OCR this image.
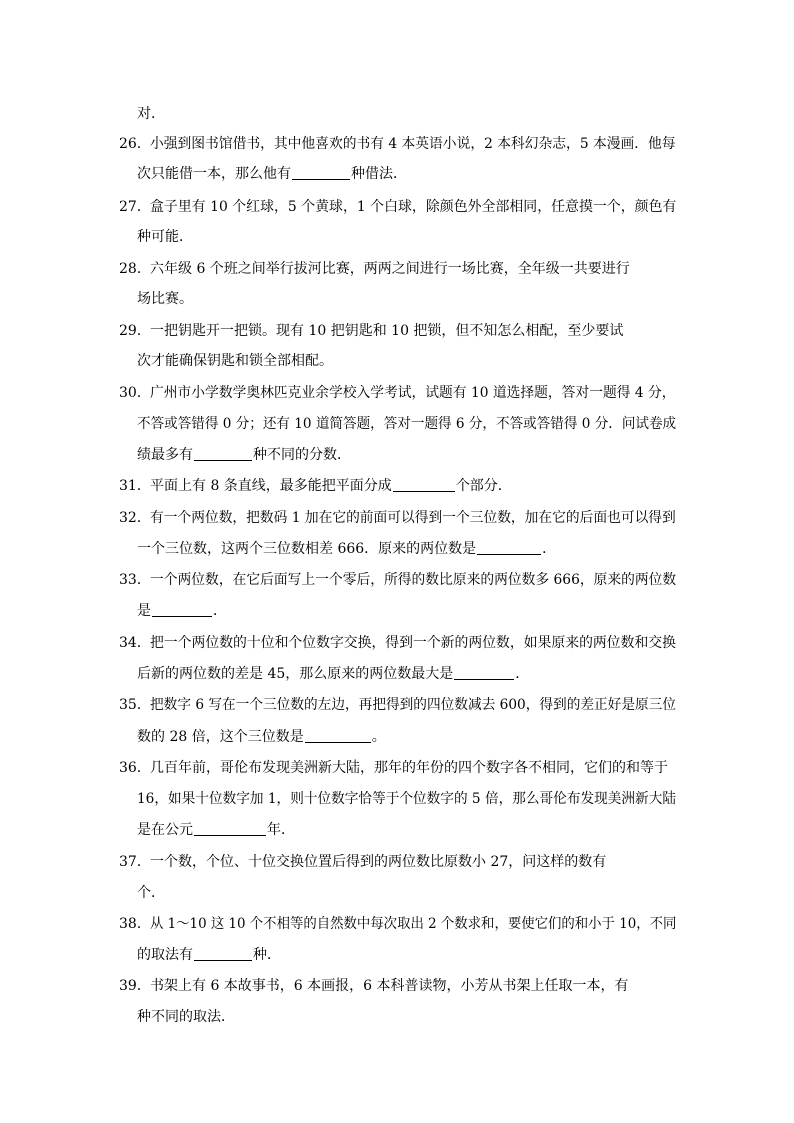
对．
26． 小强到图书馆借书，其中他喜欢的书有 4 本英语小说，2 本科幻杂志，5 本漫画．他每
次只能借一本，那么他有	种借法．
27． 盒子里有 10 个红球，5 个黄球，1 个白球，除颜色外全部相同，任意摸一个，颜色有
种可能．
28． 六年级 6 个班之间举行拔河比赛，两两之间进行一场比赛，全年级一共要进行
场比赛。
29． 一把钥匙开一把锁。现有 10 把钥匙和 10 把锁，但不知怎么相配，至少要试
次才能确保钥匙和锁全部相配。
30． 广州市小学数学奥林匹克业余学校入学考试，试题有 10 道选择题，答对一题得 4 分，
不答或答错得 0 分；还有 10 道简答题，答对一题得 6 分，不答或答错得 0 分．问试卷成
绩最多有	种不同的分数．
31． 平面上有 8 条直线，最多能把平面分成	个部分．
32． 有一个两位数，把数码 1 加在它的前面可以得到一个三位数，加在它的后面也可以得到
一个三位数，这两个三位数相差 666．原来的两位数是	．
33． 一个两位数，在它后面写上一个零后，所得的数比原来的两位数多 666，原来的两位数
是	．
34． 把一个两位数的十位和个位数字交换，得到一个新的两位数，如果原来的两位数和交换
后新的两位数的差是 45，那么原来的两位数最大是	．
35． 把数字 6 写在一个三位数的左边，再把得到的四位数减去 600，得到的差正好是原三位
数的 28 倍，这个三位数是	。
36． 几百年前，哥伦布发现美洲新大陆，那年的年份的四个数字各不相同，它们的和等于
16，如果十位数字加 1，则十位数字恰等于个位数字的 5 倍，那么哥伦布发现美洲新大陆
是在公元	年．
37． 一个数，个位、十位交换位置后得到的两位数比原数小 27，问这样的数有
个．
38． 从 1～10 这 10 个不相等的自然数中每次取出 2 个数求和，要使它们的和小于 10，不同
的取法有	种．
39． 书架上有 6 本故事书，6 本画报，6 本科普读物，小芳从书架上任取一本，有
种不同的取法．
